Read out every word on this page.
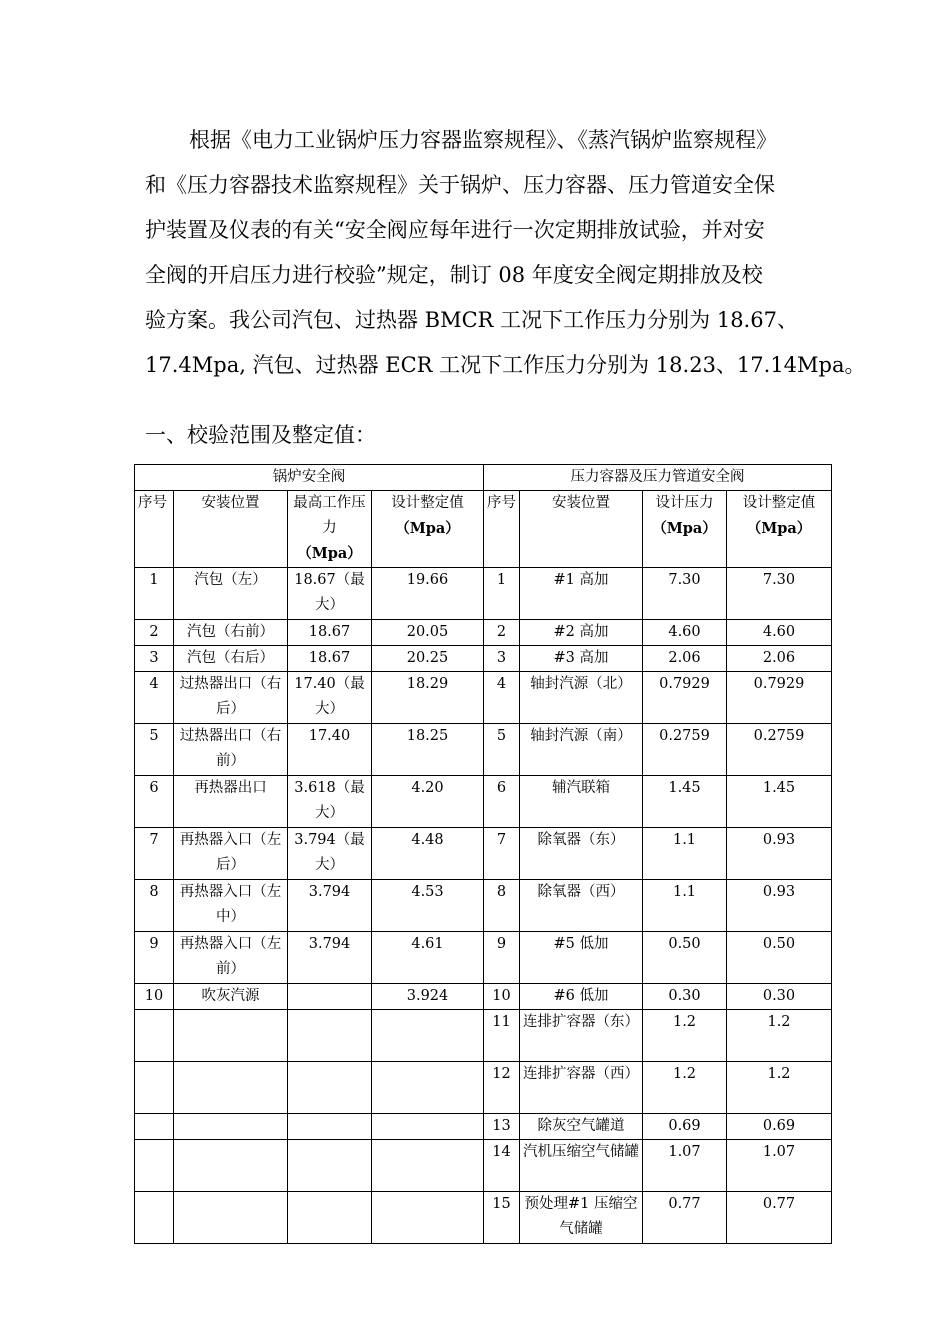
根据《电力工业锅炉压力容器监察规程》、《蒸汽锅炉监察规程》
和《压力容器技术监察规程》关于锅炉、压力容器、压力管道安全保
护装置及仪表的有关“安全阀应每年进行一次定期排放试验，并对安
全阀的开启压力进行校验”规定，制订 08 年度安全阀定期排放及校
验方案。我公司汽包、过热器 BMCR 工况下工作压力分别为 18.67、
17.4Mpa, 汽包、过热器 ECR 工况下工作压力分别为 18.23、17.14Mpa。

一、校验范围及整定值：
锅炉安全阀				压力容器及压力管道安全阀			
序号	安装位置	最高工作压力
（Mpa）	设计整定值
（Mpa）	序号	安装位置	设计压力（Mpa）	设计整定值
（Mpa）
1	汽包（左）	18.67（最大）	19.66	1	#1 高加	7.30	7.30
2	汽包（右前）	18.67	20.05	2	#2 高加	4.60	4.60
3	汽包（右后）	18.67	20.25	3	#3 高加	2.06	2.06
4	过热器出口（右后）	17.40（最大）	18.29	4	轴封汽源（北）	0.7929	0.7929
5	过热器出口（右前）	17.40	18.25	5	轴封汽源（南）	0.2759	0.2759
6	再热器出口	3.618（最大）	4.20	6	辅汽联箱	1.45	1.45
7	再热器入口（左后）	3.794（最大）	4.48	7	除氧器（东）	1.1	0.93
8	再热器入口（左中）	3.794	4.53	8	除氧器（西）	1.1	0.93
9	再热器入口（左前）	3.794	4.61	9	#5 低加	0.50	0.50
10	吹灰汽源		3.924	10	#6 低加	0.30	0.30
				11	连排扩容器（东）	1.2	1.2
				12	连排扩容器（西）	1.2	1.2
				13	除灰空气罐道	0.69	0.69
				14	汽机压缩空气储罐	1.07	1.07
				15	预处理#1 压缩空气储罐	0.77	0.77
